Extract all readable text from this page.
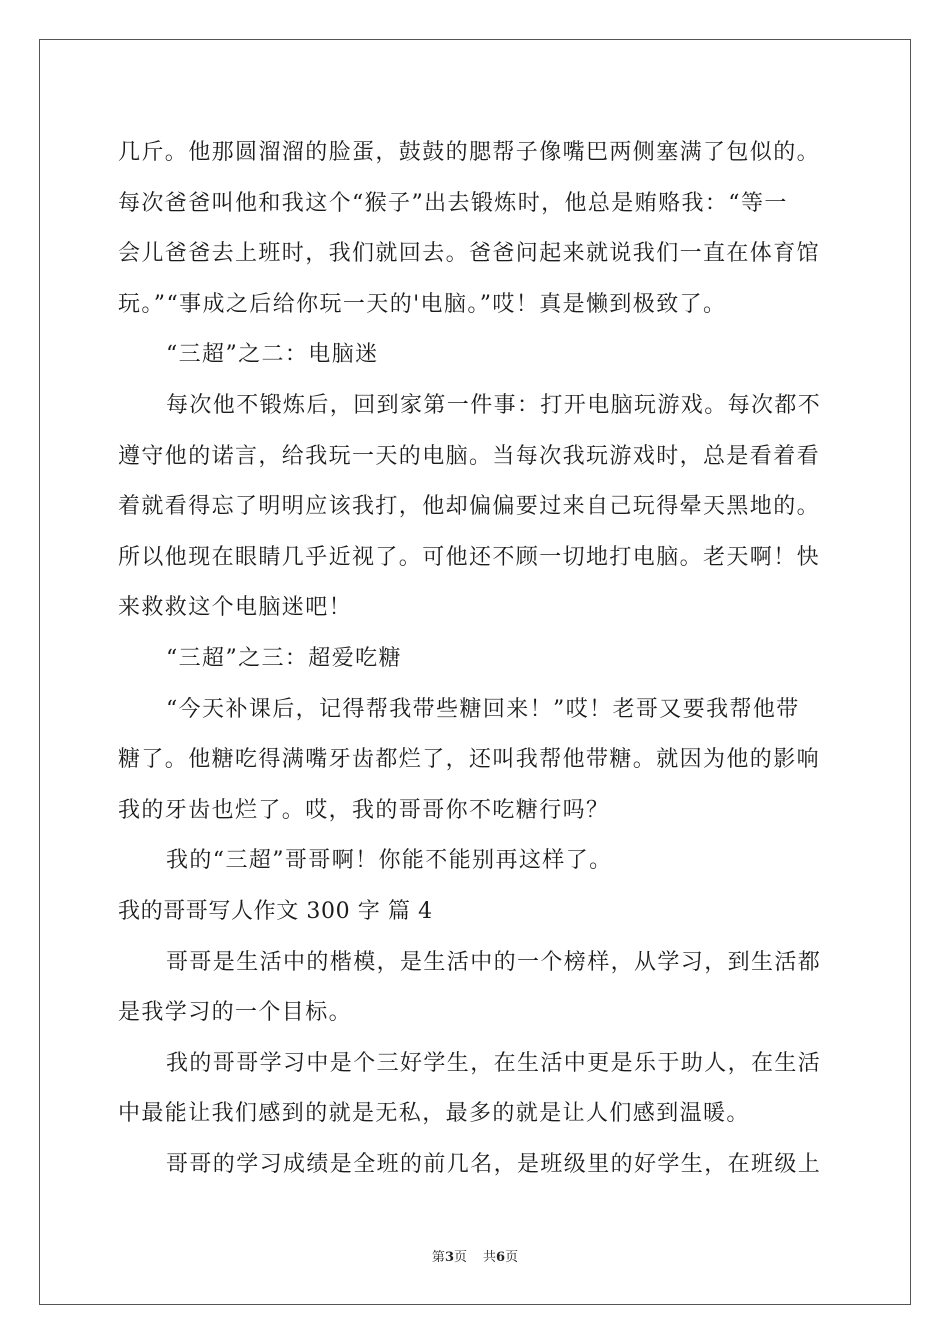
几斤。他那圆溜溜的脸蛋，鼓鼓的腮帮子像嘴巴两侧塞满了包似的。
每次爸爸叫他和我这个“猴子”出去锻炼时，他总是贿赂我：“等一
会儿爸爸去上班时，我们就回去。爸爸问起来就说我们一直在体育馆
玩。”“事成之后给你玩一天的'电脑。”哎！真是懒到极致了。
“三超”之二：电脑迷
每次他不锻炼后，回到家第一件事：打开电脑玩游戏。每次都不
遵守他的诺言，给我玩一天的电脑。当每次我玩游戏时，总是看着看
着就看得忘了明明应该我打，他却偏偏要过来自己玩得晕天黑地的。
所以他现在眼睛几乎近视了。可他还不顾一切地打电脑。老天啊！快
来救救这个电脑迷吧！
“三超”之三：超爱吃糖
“今天补课后，记得帮我带些糖回来！”哎！老哥又要我帮他带
糖了。他糖吃得满嘴牙齿都烂了，还叫我帮他带糖。就因为他的影响
我的牙齿也烂了。哎，我的哥哥你不吃糖行吗？
我的“三超”哥哥啊！你能不能别再这样了。
我的哥哥写人作文 300 字 篇 4
哥哥是生活中的楷模，是生活中的一个榜样，从学习，到生活都
是我学习的一个目标。
我的哥哥学习中是个三好学生，在生活中更是乐于助人，在生活
中最能让我们感到的就是无私，最多的就是让人们感到温暖。
哥哥的学习成绩是全班的前几名，是班级里的好学生，在班级上
第3页 共6页
